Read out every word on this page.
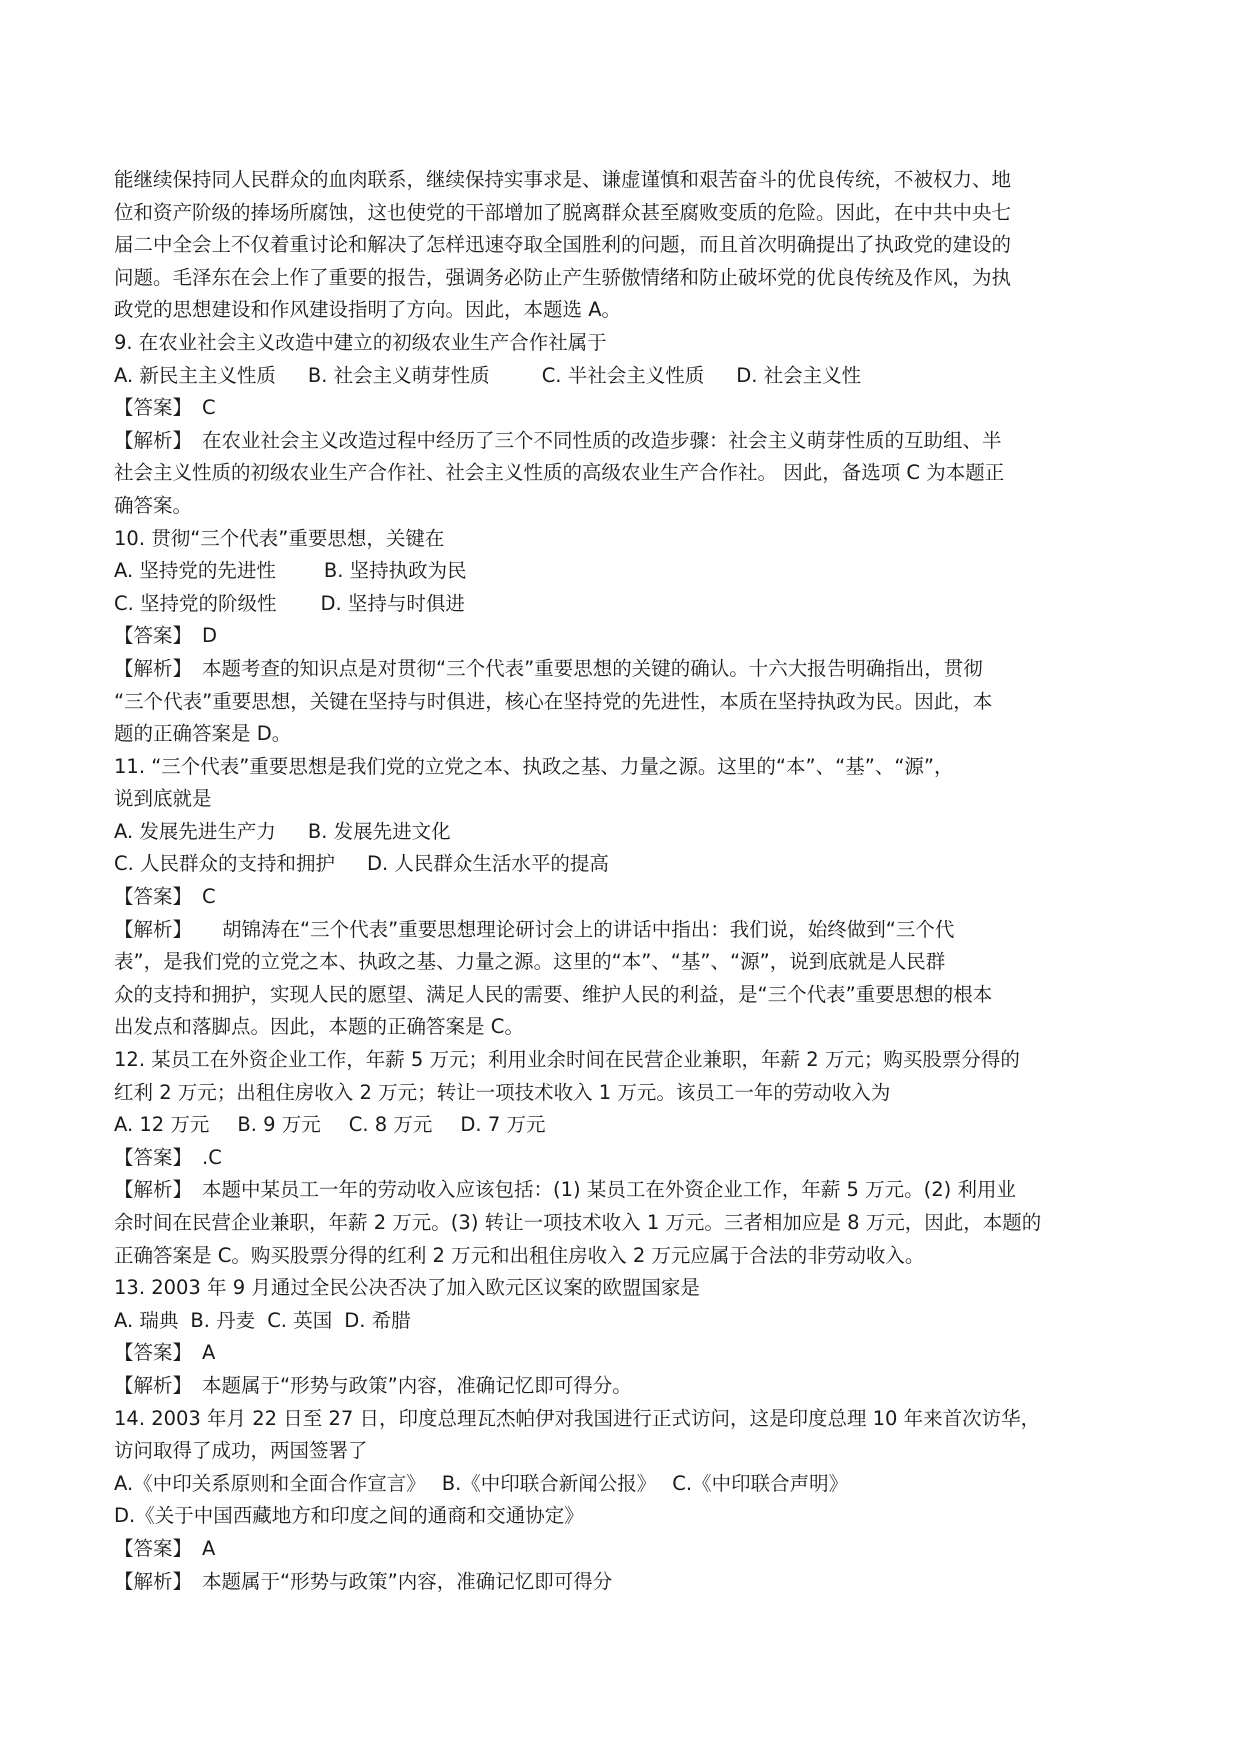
能继续保持同人民群众的血肉联系，继续保持实事求是、谦虚谨慎和艰苦奋斗的优良传统，不被权力、地
位和资产阶级的捧场所腐蚀，这也使党的干部增加了脱离群众甚至腐败变质的危险。因此，在中共中央七
届二中全会上不仅着重讨论和解决了怎样迅速夺取全国胜利的问题，而且首次明确提出了执政党的建设的
问题。毛泽东在会上作了重要的报告，强调务必防止产生骄傲情绪和防止破坏党的优良传统及作风，为执
政党的思想建设和作风建设指明了方向。因此，本题选 A。
9. 在农业社会主义改造中建立的初级农业生产合作社属于
A. 新民主主义性质 B. 社会主义萌芽性质	C. 半社会主义性质 D. 社会主义性
【答案】 C
【解析】 在农业社会主义改造过程中经历了三个不同性质的改造步骤：社会主义萌芽性质的互助组、半
社会主义性质的初级农业生产合作社、社会主义性质的高级农业生产合作社。 因此，备选项 C 为本题正
确答案。
10. 贯彻“三个代表”重要思想，关键在
A. 坚持党的先进性 B. 坚持执政为民
C. 坚持党的阶级性 D. 坚持与时俱进
【答案】 D
【解析】 本题考查的知识点是对贯彻“三个代表”重要思想的关键的确认。十六大报告明确指出，贯彻
“三个代表”重要思想，关键在坚持与时俱进，核心在坚持党的先进性，本质在坚持执政为民。因此，本
题的正确答案是 D。
11. “三个代表”重要思想是我们党的立党之本、执政之基、力量之源。这里的“本”、“基”、“源”，
说到底就是
A. 发展先进生产力 B. 发展先进文化
C. 人民群众的支持和拥护 D. 人民群众生活水平的提高
【答案】 C
【解析】 胡锦涛在“三个代表”重要思想理论研讨会上的讲话中指出：我们说，始终做到“三个代
表”，是我们党的立党之本、执政之基、力量之源。这里的“本”、“基”、“源”，说到底就是人民群
众的支持和拥护，实现人民的愿望、满足人民的需要、维护人民的利益，是“三个代表”重要思想的根本
出发点和落脚点。因此，本题的正确答案是 C。
12. 某员工在外资企业工作，年薪 5 万元；利用业余时间在民营企业兼职，年薪 2 万元；购买股票分得的
红利 2 万元；出租住房收入 2 万元；转让一项技术收入 1 万元。该员工一年的劳动收入为
A. 12 万元 B. 9 万元 C. 8 万元 D. 7 万元
【答案】 .C
【解析】 本题中某员工一年的劳动收入应该包括：(1) 某员工在外资企业工作，年薪 5 万元。(2) 利用业
余时间在民营企业兼职，年薪 2 万元。(3) 转让一项技术收入 1 万元。三者相加应是 8 万元，因此，本题的
正确答案是 C。购买股票分得的红利 2 万元和出租住房收入 2 万元应属于合法的非劳动收入。
13. 2003 年 9 月通过全民公决否决了加入欧元区议案的欧盟国家是
A. 瑞典 B. 丹麦 C. 英国 D. 希腊
【答案】 A
【解析】 本题属于“形势与政策”内容，准确记忆即可得分。
14. 2003 年月 22 日至 27 日，印度总理瓦杰帕伊对我国进行正式访问，这是印度总理 10 年来首次访华，
访问取得了成功，两国签署了
A.《中印关系原则和全面合作宣言》 B.《中印联合新闻公报》 C.《中印联合声明》
D.《关于中国西藏地方和印度之间的通商和交通协定》
【答案】 A
【解析】 本题属于“形势与政策”内容，准确记忆即可得分
